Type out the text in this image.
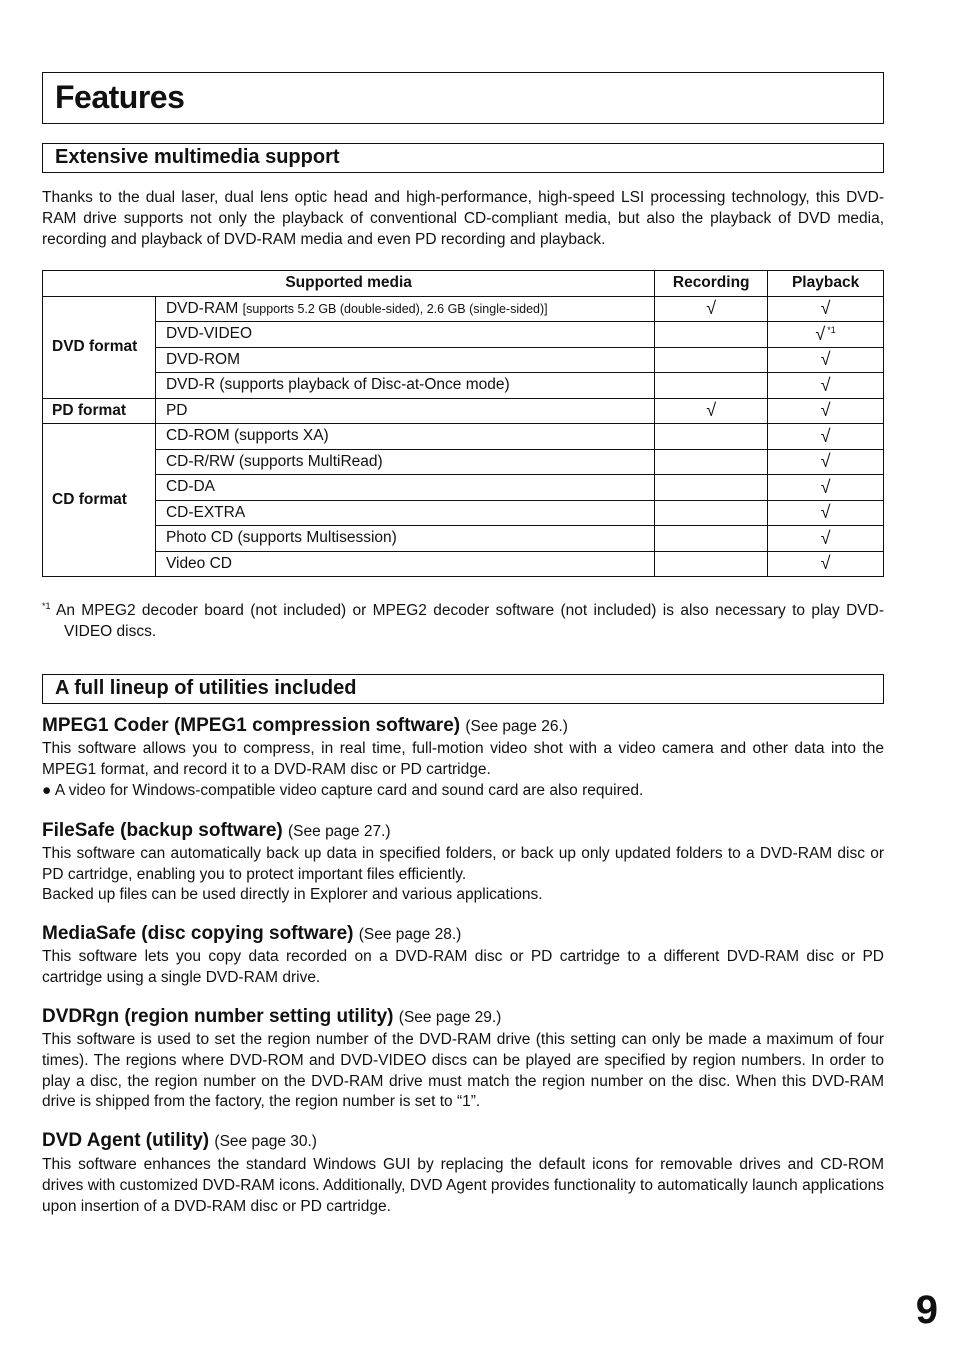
Features
Extensive multimedia support

Thanks to the dual laser, dual lens optic head and high-performance, high-speed LSI processing technology, this DVD-RAM drive supports not only the playback of conventional CD-compliant media, but also the playback of DVD media, recording and playback of DVD-RAM media and even PD recording and playback.

Supported media		Recording	Playback
DVD format	DVD-RAM [supports 5.2 GB (double-sided), 2.6 GB (single-sided)]	√	√
	DVD-VIDEO		√ $^{*1}$
	DVD-ROM		√
	DVD-R (supports playback of Disc-at-Once mode)		√
PD format	PD	√	√
CD format	CD-ROM (supports XA)		√
	CD-R/RW (supports MultiRead)		√
	CD-DA		√
	CD-EXTRA		√
	Photo CD (supports Multisession)		√
	Video CD		√

$^{*1}$ An MPEG2 decoder board (not included) or MPEG2 decoder software (not included) is also necessary to play DVD-VIDEO discs.

A full lineup of utilities included
MPEG1 Coder (MPEG1 compression software) (See page 26.)

This software allows you to compress, in real time, full-motion video shot with a video camera and other data into the MPEG1 format, and record it to a DVD-RAM disc or PD cartridge.

● A video for Windows-compatible video capture card and sound card are also required.

FileSafe (backup software) (See page 27.)

This software can automatically back up data in specified folders, or back up only updated folders to a DVD-RAM disc or PD cartridge, enabling you to protect important files efficiently.

Backed up files can be used directly in Explorer and various applications.

MediaSafe (disc copying software) (See page 28.)

This software lets you copy data recorded on a DVD-RAM disc or PD cartridge to a different DVD-RAM disc or PD cartridge using a single DVD-RAM drive.

DVDRgn (region number setting utility) (See page 29.)

This software is used to set the region number of the DVD-RAM drive (this setting can only be made a maximum of four times). The regions where DVD-ROM and DVD-VIDEO discs can be played are specified by region numbers. In order to play a disc, the region number on the DVD-RAM drive must match the region number on the disc. When this DVD-RAM drive is shipped from the factory, the region number is set to “1”.

DVD Agent (utility) (See page 30.)

This software enhances the standard Windows GUI by replacing the default icons for removable drives and CD-ROM drives with customized DVD-RAM icons. Additionally, DVD Agent provides functionality to automatically launch applications upon insertion of a DVD-RAM disc or PD cartridge.

9
